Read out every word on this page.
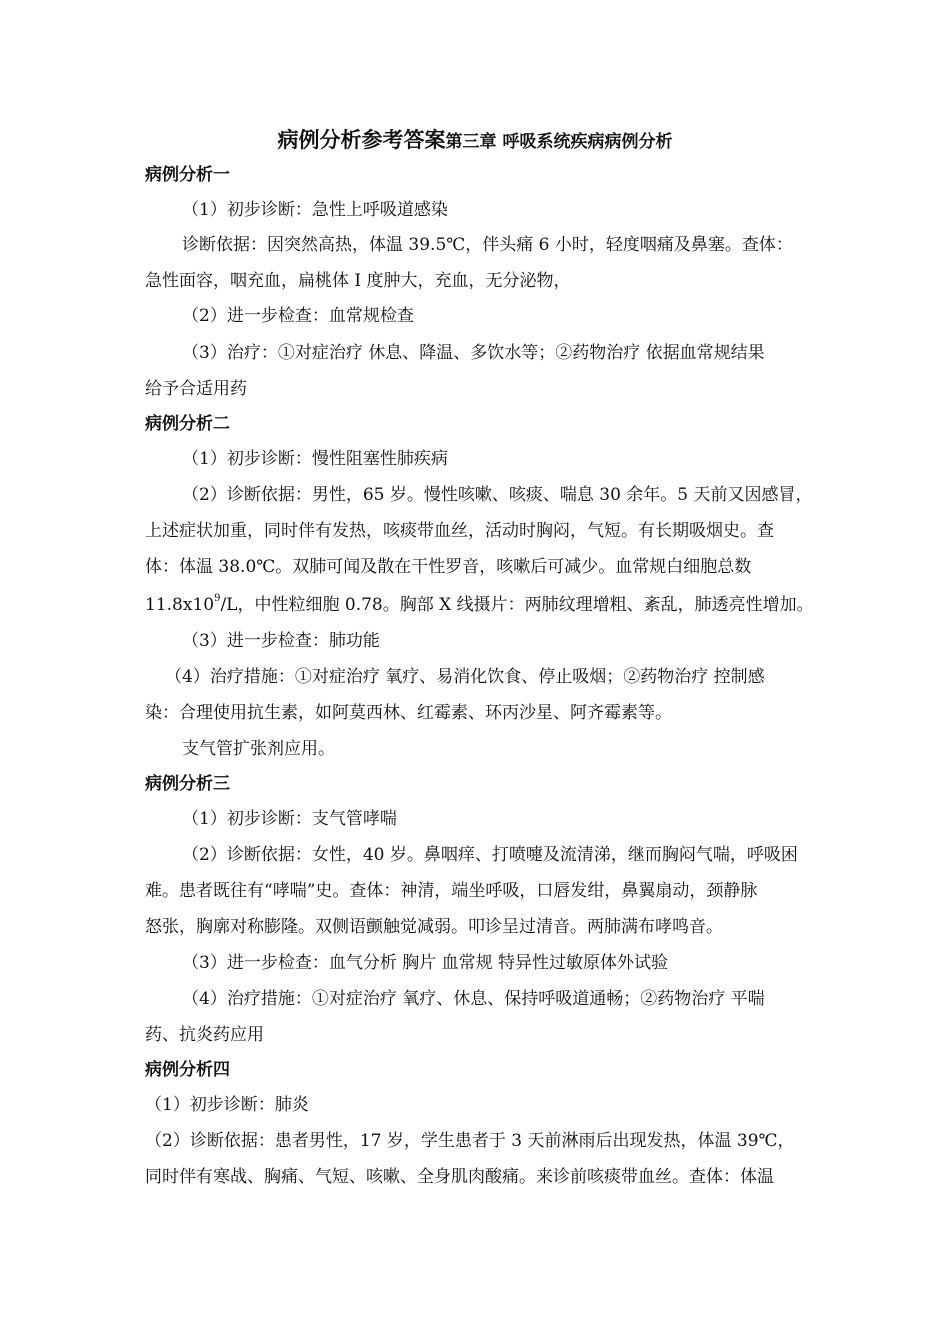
病例分析参考答案第三章 呼吸系统疾病病例分析
病例分析一
（1）初步诊断：急性上呼吸道感染
诊断依据：因突然高热，体温 39.5℃，伴头痛 6 小时，轻度咽痛及鼻塞。查体：
急性面容，咽充血，扁桃体 I 度肿大，充血，无分泌物，
（2）进一步检查：血常规检查
（3）治疗：①对症治疗 休息、降温、多饮水等；②药物治疗 依据血常规结果
给予合适用药
病例分析二
（1）初步诊断：慢性阻塞性肺疾病
（2）诊断依据：男性，65 岁。慢性咳嗽、咳痰、喘息 30 余年。5 天前又因感冒，
上述症状加重，同时伴有发热，咳痰带血丝，活动时胸闷，气短。有长期吸烟史。查
体：体温 38.0℃。双肺可闻及散在干性罗音，咳嗽后可减少。血常规白细胞总数
$11.8x10^9/L$，中性粒细胞 0.78。胸部 X 线摄片：两肺纹理增粗、紊乱，肺透亮性增加。
（3）进一步检查：肺功能
（4）治疗措施：①对症治疗 氧疗、易消化饮食、停止吸烟；②药物治疗 控制感
染：合理使用抗生素，如阿莫西林、红霉素、环丙沙星、阿齐霉素等。
支气管扩张剂应用。
病例分析三
（1）初步诊断：支气管哮喘
（2）诊断依据：女性，40 岁。鼻咽痒、打喷嚏及流清涕，继而胸闷气喘，呼吸困
难。患者既往有“哮喘”史。查体：神清，端坐呼吸，口唇发绀，鼻翼扇动，颈静脉
怒张，胸廓对称膨隆。双侧语颤触觉减弱。叩诊呈过清音。两肺满布哮鸣音。
（3）进一步检查：血气分析 胸片 血常规 特异性过敏原体外试验
（4）治疗措施：①对症治疗 氧疗、休息、保持呼吸道通畅；②药物治疗 平喘
药、抗炎药应用
病例分析四
（1）初步诊断：肺炎
（2）诊断依据：患者男性，17 岁，学生患者于 3 天前淋雨后出现发热，体温 39℃，
同时伴有寒战、胸痛、气短、咳嗽、全身肌肉酸痛。来诊前咳痰带血丝。查体：体温
